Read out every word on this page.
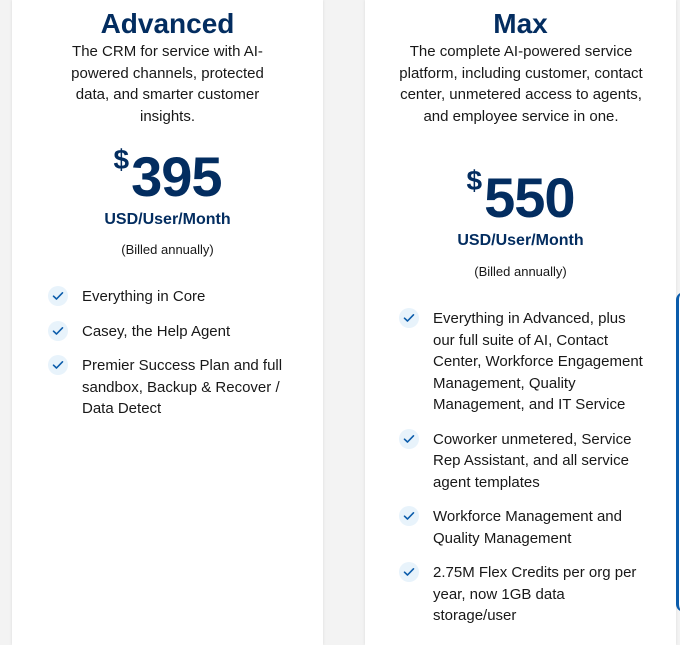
Advanced

The CRM for service with AI-powered channels, protected data, and smarter customer insights.

$ 395
USD/User/Month
(Billed annually)
Everything in Core
Casey, the Help Agent
Premier Success Plan and full sandbox, Backup & Recover / Data Detect
Max

The complete AI-powered service platform, including customer, contact center, unmetered access to agents, and employee service in one.

$ 550
USD/User/Month
(Billed annually)
Everything in Advanced, plus our full suite of AI, Contact Center, Workforce Engagement Management, Quality Management, and IT Service
Coworker unmetered, Service Rep Assistant, and all service agent templates
Workforce Management and Quality Management
2.75M Flex Credits per org per year, now 1GB data storage/user
